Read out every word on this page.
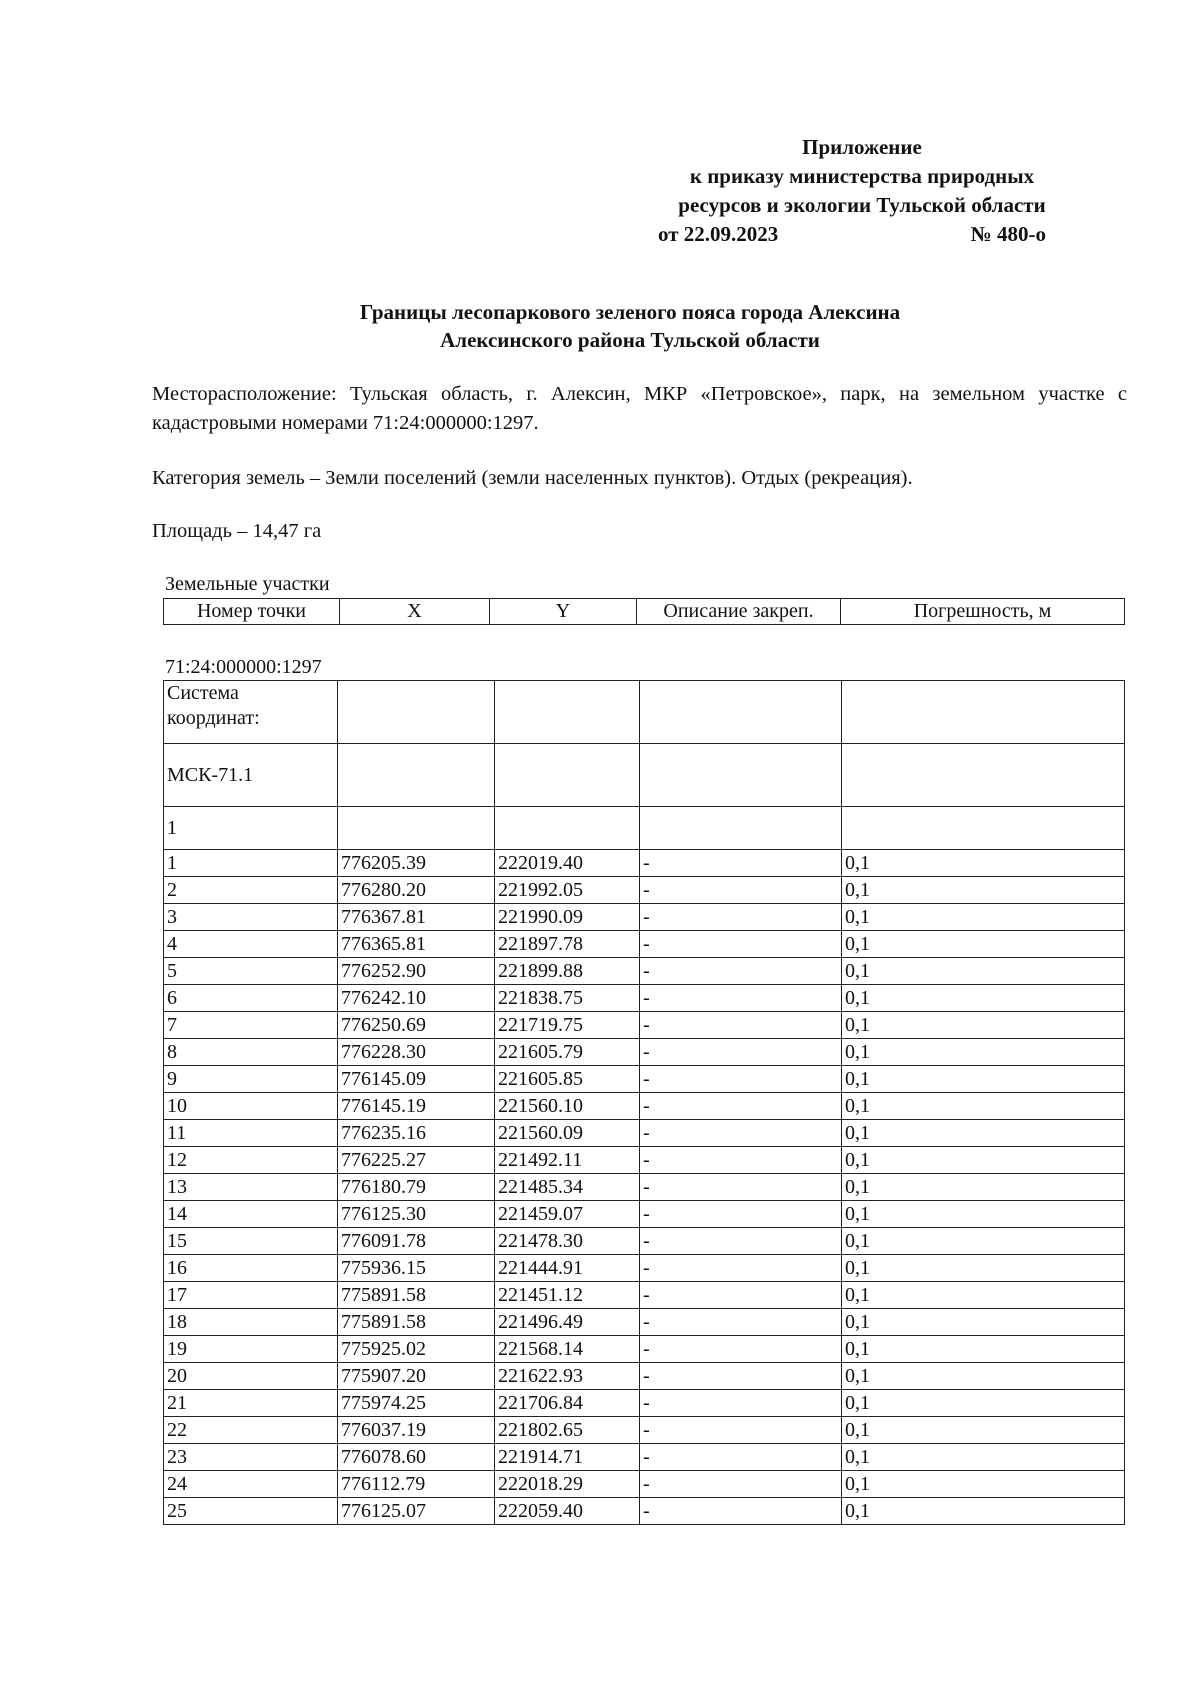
Приложение
к приказу министерства природных
ресурсов и экологии Тульской области
от 22.09.2023	№ 480-о
Границы лесопаркового зеленого пояса города Алексина
Алексинского района Тульской области
Месторасположение: Тульская область, г. Алексин, МКР «Петровское», парк, на земельном участке с кадастровыми номерами 71:24:000000:1297.
Категория земель – Земли поселений (земли населенных пунктов). Отдых (рекреация).
Площадь – 14,47 га
Земельные участки
Номер точки	X	Y	Описание закреп.	Погрешность, м
71:24:000000:1297
Система координат:				
МСК-71.1				
1				
1	776205.39	222019.40	-	0,1
2	776280.20	221992.05	-	0,1
3	776367.81	221990.09	-	0,1
4	776365.81	221897.78	-	0,1
5	776252.90	221899.88	-	0,1
6	776242.10	221838.75	-	0,1
7	776250.69	221719.75	-	0,1
8	776228.30	221605.79	-	0,1
9	776145.09	221605.85	-	0,1
10	776145.19	221560.10	-	0,1
11	776235.16	221560.09	-	0,1
12	776225.27	221492.11	-	0,1
13	776180.79	221485.34	-	0,1
14	776125.30	221459.07	-	0,1
15	776091.78	221478.30	-	0,1
16	775936.15	221444.91	-	0,1
17	775891.58	221451.12	-	0,1
18	775891.58	221496.49	-	0,1
19	775925.02	221568.14	-	0,1
20	775907.20	221622.93	-	0,1
21	775974.25	221706.84	-	0,1
22	776037.19	221802.65	-	0,1
23	776078.60	221914.71	-	0,1
24	776112.79	222018.29	-	0,1
25	776125.07	222059.40	-	0,1
